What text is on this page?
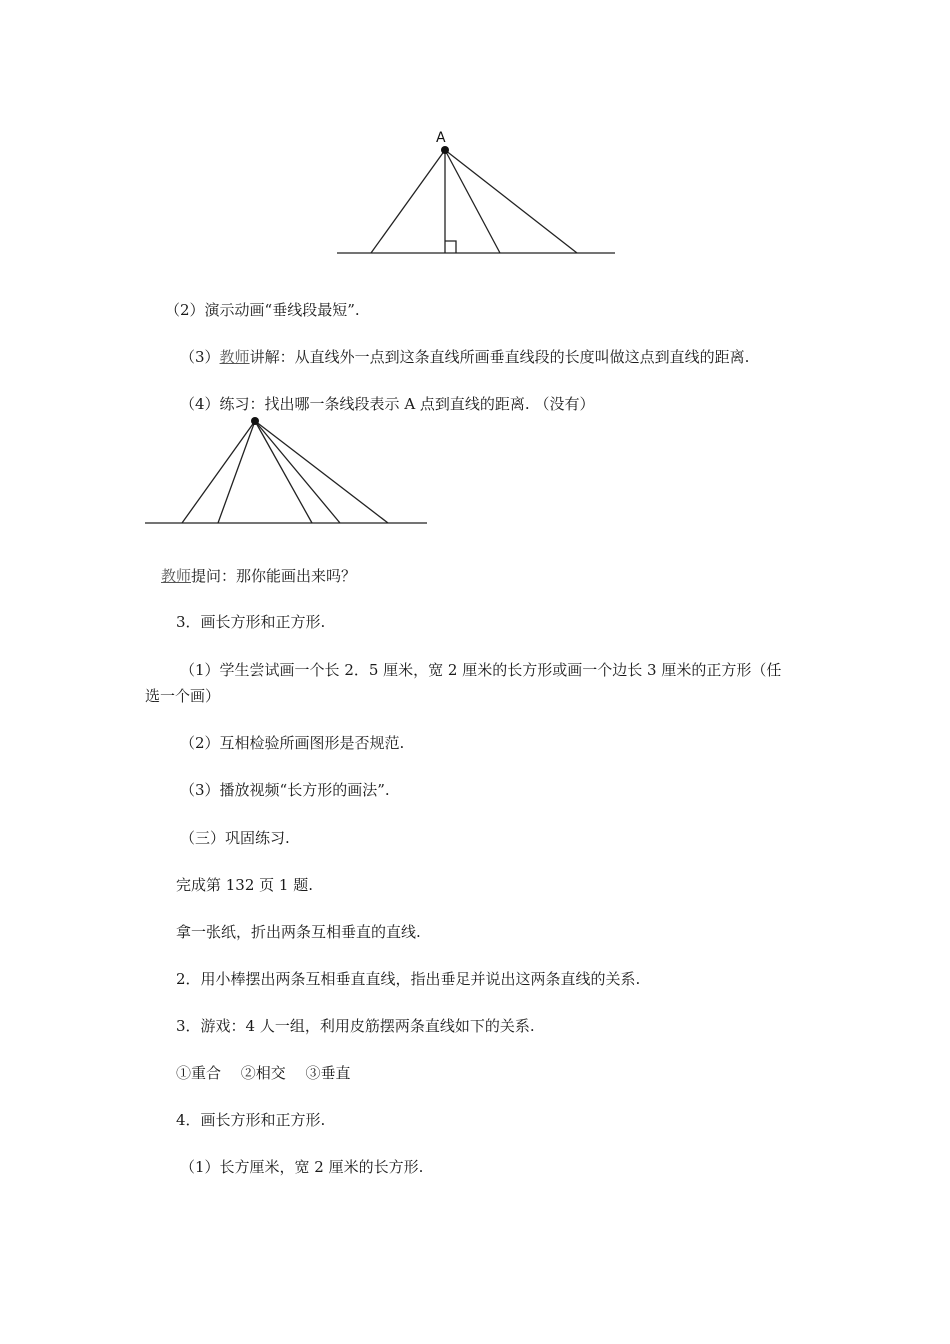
A
（2）演示动画“垂线段最短”.
（3）教师讲解：从直线外一点到这条直线所画垂直线段的长度叫做这点到直线的距离.
（4）练习：找出哪一条线段表示 A 点到直线的距离. （没有）
教师提问：那你能画出来吗？
3．画长方形和正方形.
（1）学生尝试画一个长 2．5 厘米，宽 2 厘米的长方形或画一个边长 3 厘米的正方形（任
选一个画）
（2）互相检验所画图形是否规范.
（3）播放视频“长方形的画法”.
（三）巩固练习.
完成第 132 页 1 题.
拿一张纸，折出两条互相垂直的直线.
2．用小棒摆出两条互相垂直直线，指出垂足并说出这两条直线的关系.
3．游戏：4 人一组，利用皮筋摆两条直线如下的关系.
①重合　 ②相交　 ③垂直
4．画长方形和正方形.
（1）长方厘米，宽 2 厘米的长方形.
